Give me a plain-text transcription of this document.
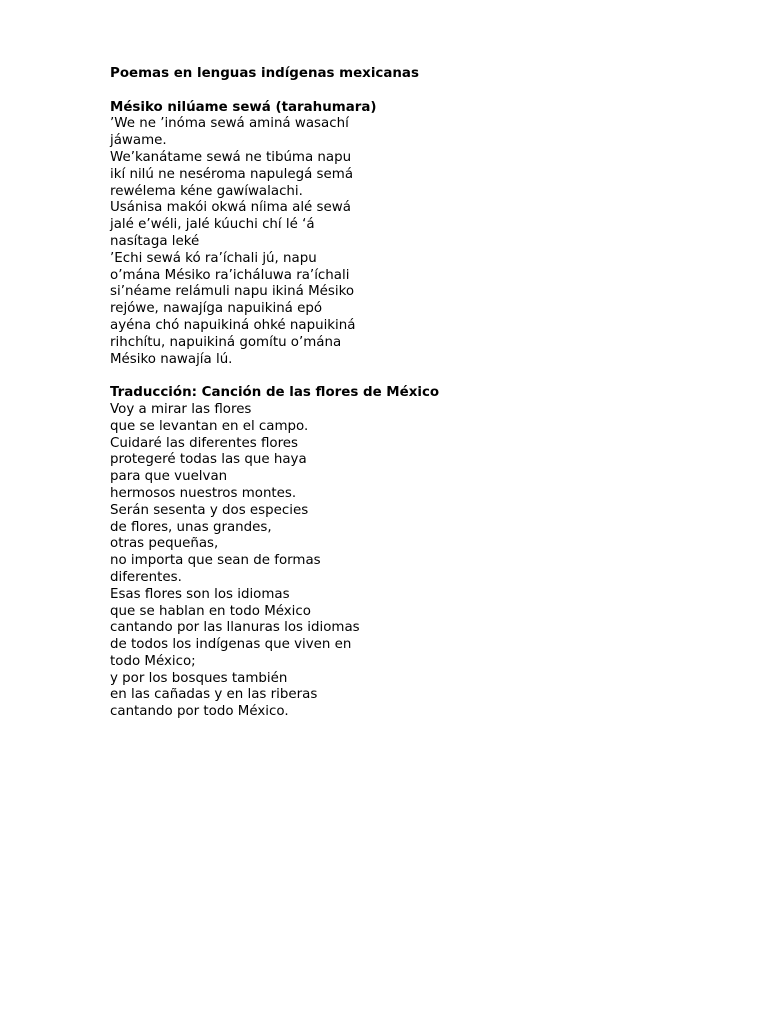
Poemas en lenguas indígenas mexicanas

Mésiko nilúame sewá (tarahumara)

’We ne ’inóma sewá aminá wasachí

jáwame.

We’kanátame sewá ne tibúma napu

ikí nilú ne neséroma napulegá semá

rewélema kéne gawíwalachi.

Usánisa makói okwá níima alé sewá

jalé e’wéli, jalé kúuchi chí lé ‘á

nasítaga leké

’Echi sewá kó ra’íchali jú, napu

o’mána Mésiko ra’icháluwa ra’íchali

si’néame relámuli napu ikiná Mésiko

rejówe, nawajíga napuikiná epó

ayéna chó napuikiná ohké napuikiná

rihchítu, napuikiná gomítu o’mána

Mésiko nawajía lú.

Traducción: Canción de las flores de México

Voy a mirar las flores

que se levantan en el campo.

Cuidaré las diferentes flores

protegeré todas las que haya

para que vuelvan

hermosos nuestros montes.

Serán sesenta y dos especies

de flores, unas grandes,

otras pequeñas,

no importa que sean de formas

diferentes.

Esas flores son los idiomas

que se hablan en todo México

cantando por las llanuras los idiomas

de todos los indígenas que viven en

todo México;

y por los bosques también

en las cañadas y en las riberas

cantando por todo México.
